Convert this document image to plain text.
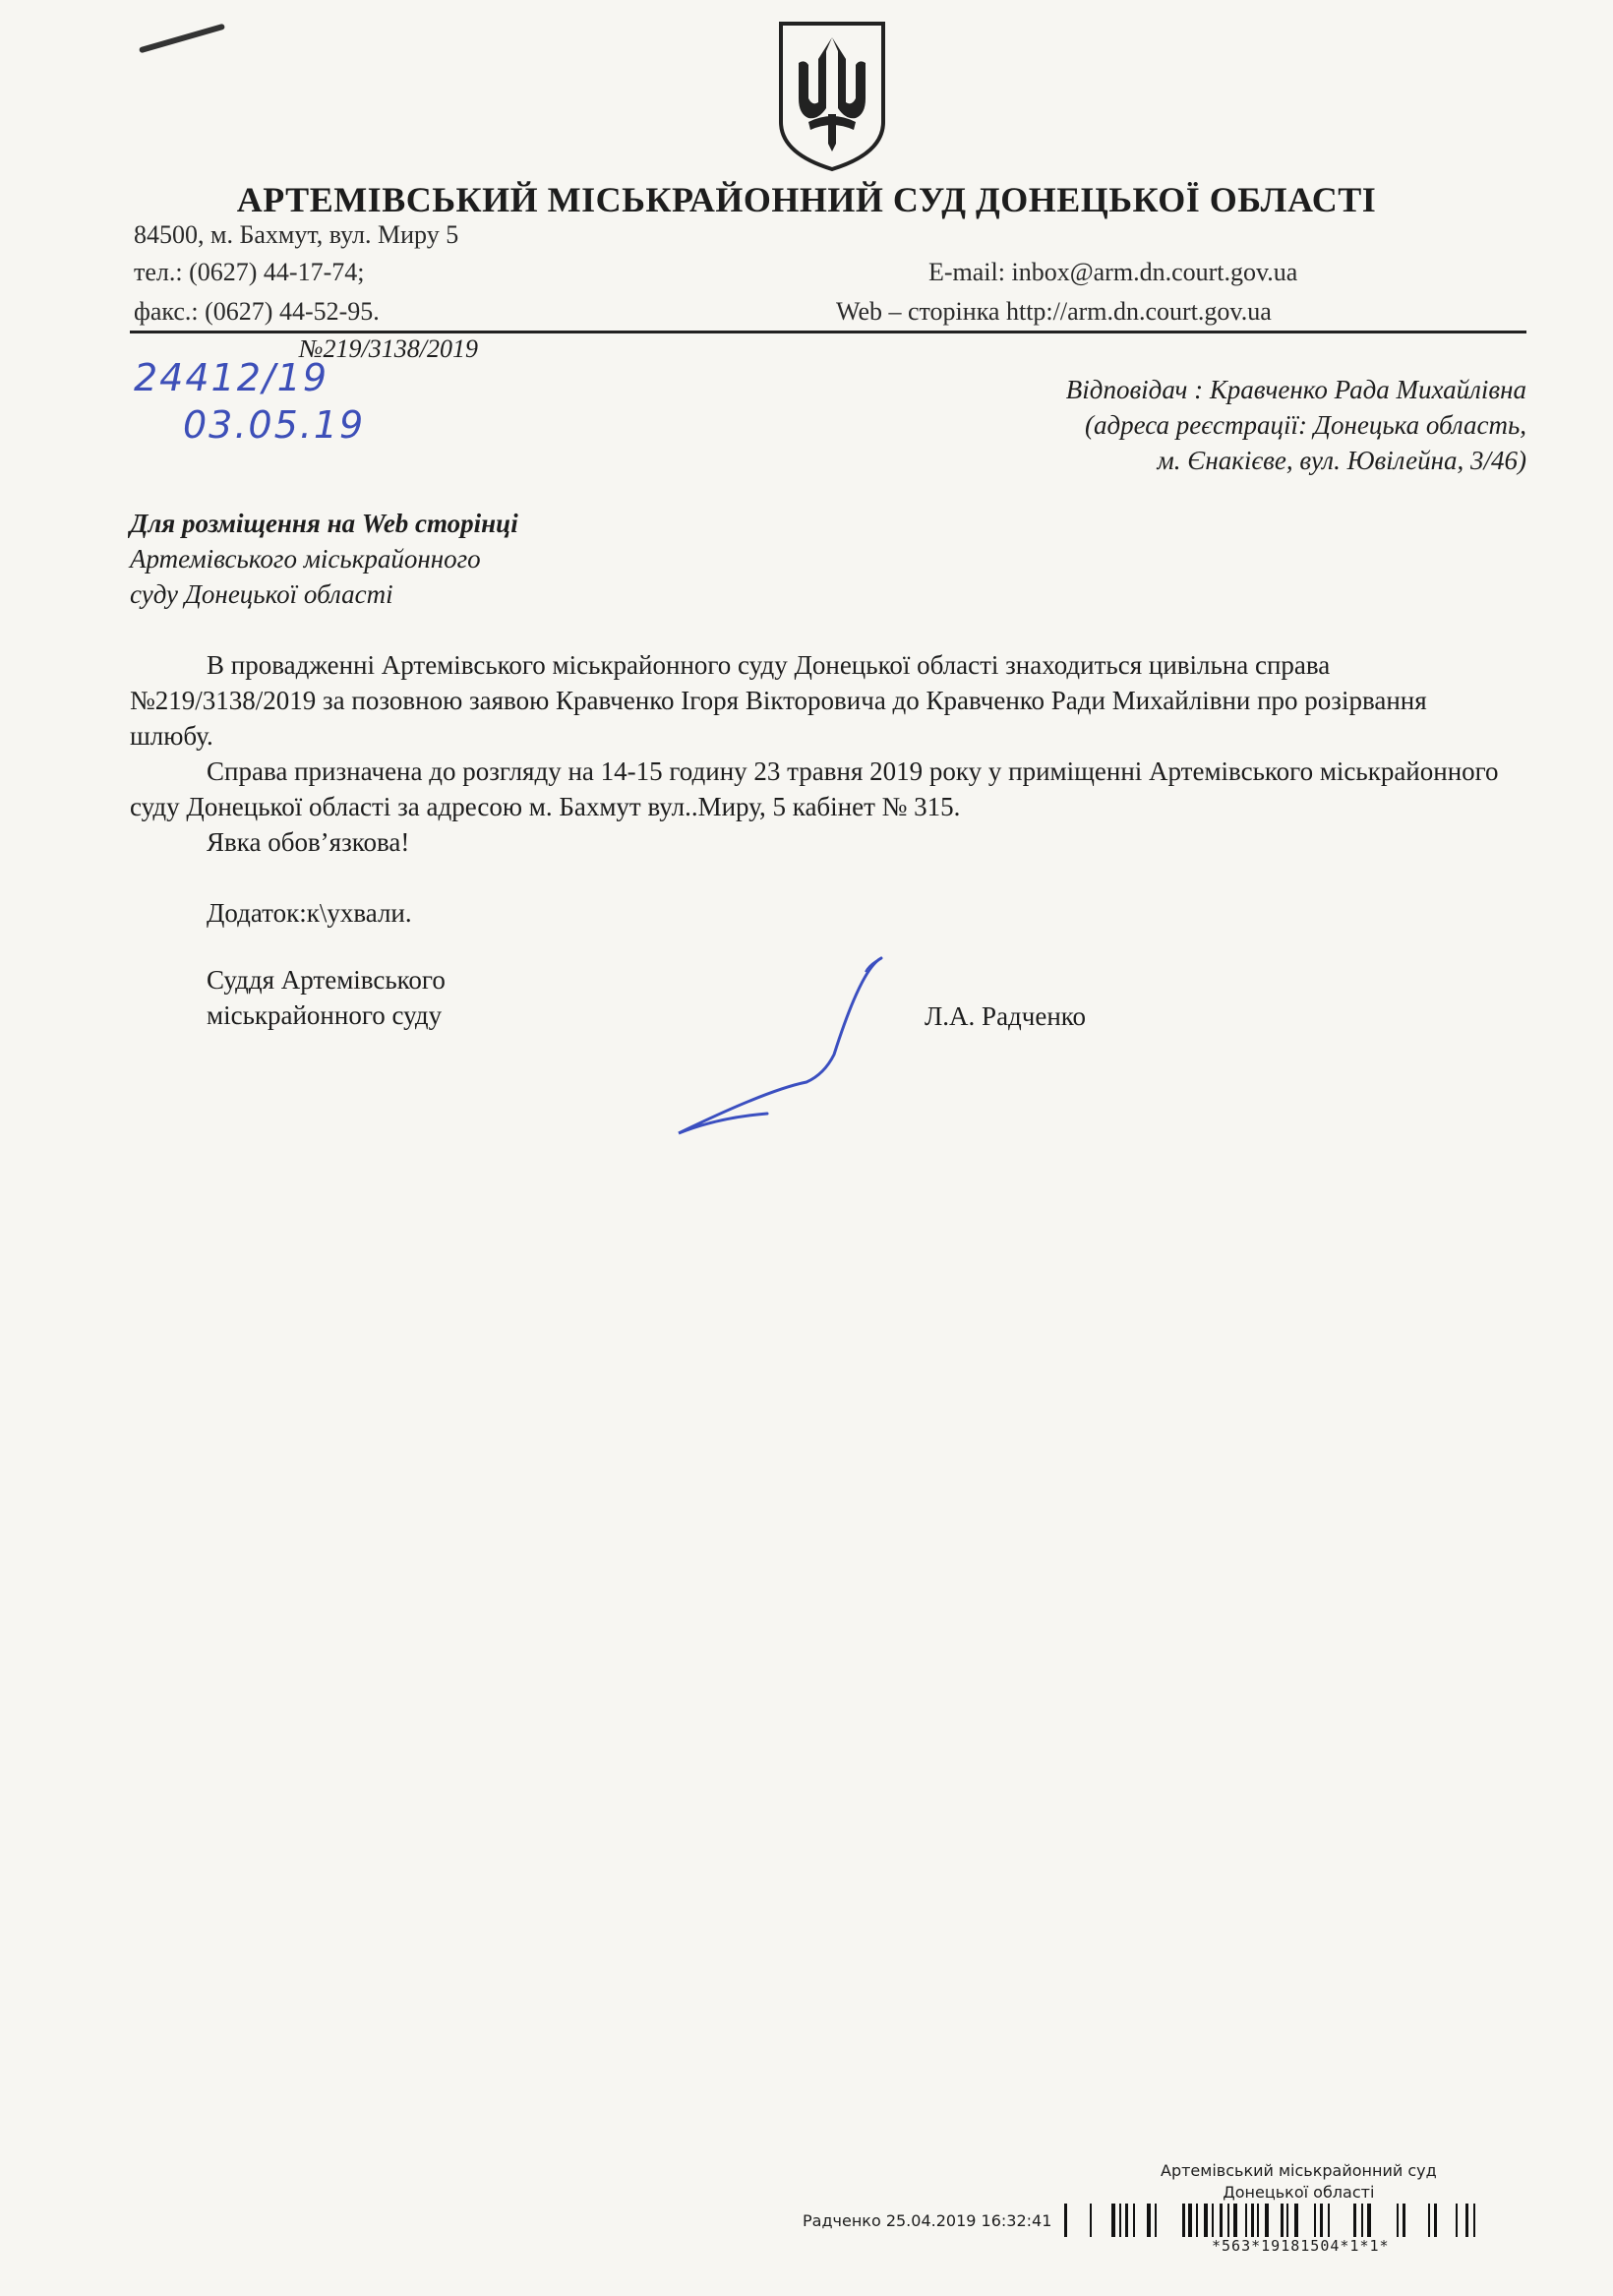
АРТЕМІВСЬКИЙ МІСЬКРАЙОННИЙ СУД ДОНЕЦЬКОЇ ОБЛАСТІ
84500, м. Бахмут, вул. Миру 5
тел.: (0627) 44-17-74;
факс.: (0627) 44-52-95.
E-mail: inbox@arm.dn.court.gov.ua
Web – сторінка http://arm.dn.court.gov.ua
№219/3138/2019
24412/19
03.05.19
Відповідач : Кравченко Рада Михайлівна
(адреса реєстрації: Донецька область,
м. Єнакієве, вул. Ювілейна, 3/46)
Для розміщення на Web сторінці
Артемівського міськрайонного
суду Донецької області

В провадженні Артемівського міськрайонного суду Донецької області знаходиться цивільна справа №219/3138/2019 за позовною заявою Кравченко Ігоря Вікторовича до Кравченко Ради Михайлівни про розірвання шлюбу.

Справа призначена до розгляду на 14-15 годину 23 травня 2019 року у приміщенні Артемівського міськрайонного суду Донецької області за адресою м. Бахмут вул..Миру, 5 кабінет № 315.

Явка обов’язкова!

Додаток:к\ухвали.

Суддя Артемівського
міськрайонного суду	Л.А. Радченко
Артемівський міськрайонний суд
Донецької області
Радченко 25.04.2019 16:32:41
*563*19181504*1*1*
